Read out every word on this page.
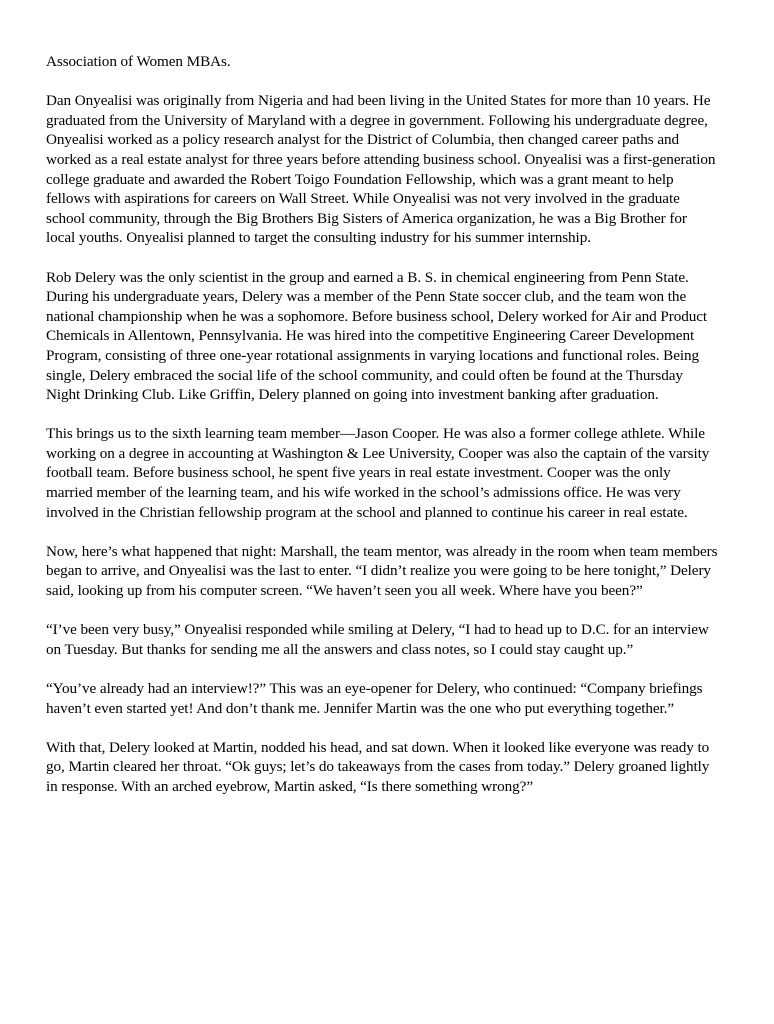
Association of Women MBAs.

Dan Onyealisi was originally from Nigeria and had been living in the United States for more than 10 years. He graduated from the University of Maryland with a degree in government. Following his undergraduate degree, Onyealisi worked as a policy research analyst for the District of Columbia, then changed career paths and worked as a real estate analyst for three years before attending business school. Onyealisi was a first-generation college graduate and awarded the Robert Toigo Foundation Fellowship, which was a grant meant to help fellows with aspirations for careers on Wall Street. While Onyealisi was not very involved in the graduate school community, through the Big Brothers Big Sisters of America organization, he was a Big Brother for local youths. Onyealisi planned to target the consulting industry for his summer internship.

Rob Delery was the only scientist in the group and earned a B. S. in chemical engineering from Penn State. During his undergraduate years, Delery was a member of the Penn State soccer club, and the team won the national championship when he was a sophomore. Before business school, Delery worked for Air and Product Chemicals in Allentown, Pennsylvania. He was hired into the competitive Engineering Career Development Program, consisting of three one-year rotational assignments in varying locations and functional roles. Being single, Delery embraced the social life of the school community, and could often be found at the Thursday Night Drinking Club. Like Griffin, Delery planned on going into investment banking after graduation.

This brings us to the sixth learning team member—Jason Cooper. He was also a former college athlete. While working on a degree in accounting at Washington & Lee University, Cooper was also the captain of the varsity football team. Before business school, he spent five years in real estate investment. Cooper was the only married member of the learning team, and his wife worked in the school’s admissions office. He was very involved in the Christian fellowship program at the school and planned to continue his career in real estate.

Now, here’s what happened that night: Marshall, the team mentor, was already in the room when team members began to arrive, and Onyealisi was the last to enter. “I didn’t realize you were going to be here tonight,” Delery said, looking up from his computer screen. “We haven’t seen you all week. Where have you been?”

“I’ve been very busy,” Onyealisi responded while smiling at Delery, “I had to head up to D.C. for an interview on Tuesday. But thanks for sending me all the answers and class notes, so I could stay caught up.”

“You’ve already had an interview!?” This was an eye-opener for Delery, who continued: “Company briefings haven’t even started yet! And don’t thank me. Jennifer Martin was the one who put everything together.”

With that, Delery looked at Martin, nodded his head, and sat down. When it looked like everyone was ready to go, Martin cleared her throat. “Ok guys; let’s do takeaways from the cases from today.” Delery groaned lightly in response. With an arched eyebrow, Martin asked, “Is there something wrong?”
